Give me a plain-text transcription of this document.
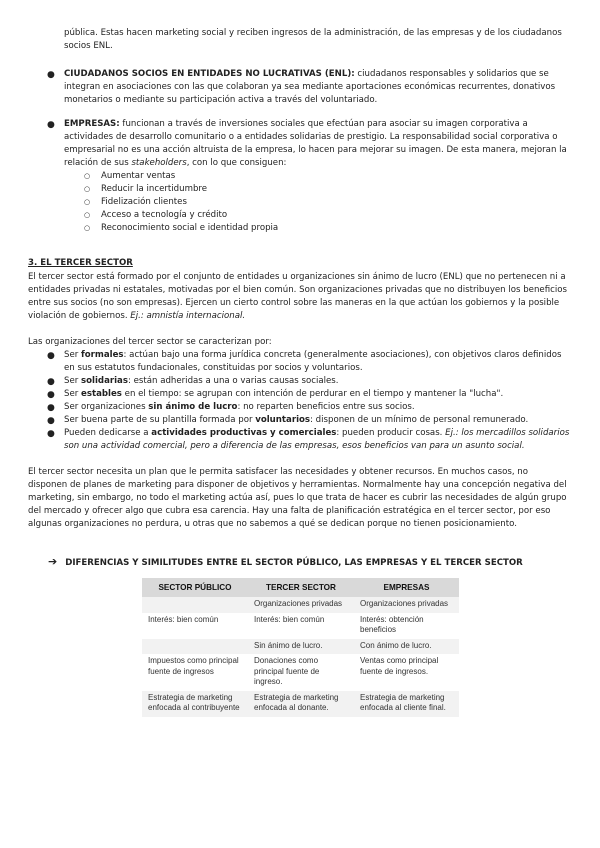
pública. Estas hacen marketing social y reciben ingresos de la administración, de las empresas y de los ciudadanos
socios ENL.
● CIUDADANOS SOCIOS EN ENTIDADES NO LUCRATIVAS (ENL): ciudadanos responsables y solidarios que se
integran en asociaciones con las que colaboran ya sea mediante aportaciones económicas recurrentes, donativos
monetarios o mediante su participación activa a través del voluntariado.
● EMPRESAS: funcionan a través de inversiones sociales que efectúan para asociar su imagen corporativa a
actividades de desarrollo comunitario o a entidades solidarias de prestigio. La responsabilidad social corporativa o
empresarial no es una acción altruista de la empresa, lo hacen para mejorar su imagen. De esta manera, mejoran la
relación de sus stakeholders, con lo que consiguen:
○ Aumentar ventas
○ Reducir la incertidumbre
○ Fidelización clientes
○ Acceso a tecnología y crédito
○ Reconocimiento social e identidad propia
3. EL TERCER SECTOR
El tercer sector está formado por el conjunto de entidades u organizaciones sin ánimo de lucro (ENL) que no pertenecen ni a
entidades privadas ni estatales, motivadas por el bien común. Son organizaciones privadas que no distribuyen los beneficios
entre sus socios (no son empresas). Ejercen un cierto control sobre las maneras en la que actúan los gobiernos y la posible
violación de gobiernos. Ej.: amnistía internacional.
Las organizaciones del tercer sector se caracterizan por:
● Ser formales: actúan bajo una forma jurídica concreta (generalmente asociaciones), con objetivos claros definidos
en sus estatutos fundacionales, constituidas por socios y voluntarios.
● Ser solidarias: están adheridas a una o varias causas sociales.
● Ser estables en el tiempo: se agrupan con intención de perdurar en el tiempo y mantener la "lucha".
● Ser organizaciones sin ánimo de lucro: no reparten beneficios entre sus socios.
● Ser buena parte de su plantilla formada por voluntarios: disponen de un mínimo de personal remunerado.
● Pueden dedicarse a actividades productivas y comerciales: pueden producir cosas. Ej.: los mercadillos solidarios
son una actividad comercial, pero a diferencia de las empresas, esos beneficios van para un asunto social.
El tercer sector necesita un plan que le permita satisfacer las necesidades y obtener recursos. En muchos casos, no
disponen de planes de marketing para disponer de objetivos y herramientas. Normalmente hay una concepción negativa del
marketing, sin embargo, no todo el marketing actúa así, pues lo que trata de hacer es cubrir las necesidades de algún grupo
del mercado y ofrecer algo que cubra esa carencia. Hay una falta de planificación estratégica en el tercer sector, por eso
algunas organizaciones no perdura, u otras que no sabemos a qué se dedican porque no tienen posicionamiento.
➔ DIFERENCIAS Y SIMILITUDES ENTRE EL SECTOR PÚBLICO, LAS EMPRESAS Y EL TERCER SECTOR
SECTOR PÚBLICO	TERCER SECTOR	EMPRESAS
	Organizaciones privadas	Organizaciones privadas
Interés: bien común	Interés: bien común	Interés: obtención beneficios
	Sin ánimo de lucro.	Con ánimo de lucro.
Impuestos como principal fuente de ingresos	Donaciones como principal fuente de ingreso.	Ventas como principal fuente de ingresos.
Estrategia de marketing enfocada al contribuyente	Estrategia de marketing enfocada al donante.	Estrategia de marketing enfocada al cliente final.
